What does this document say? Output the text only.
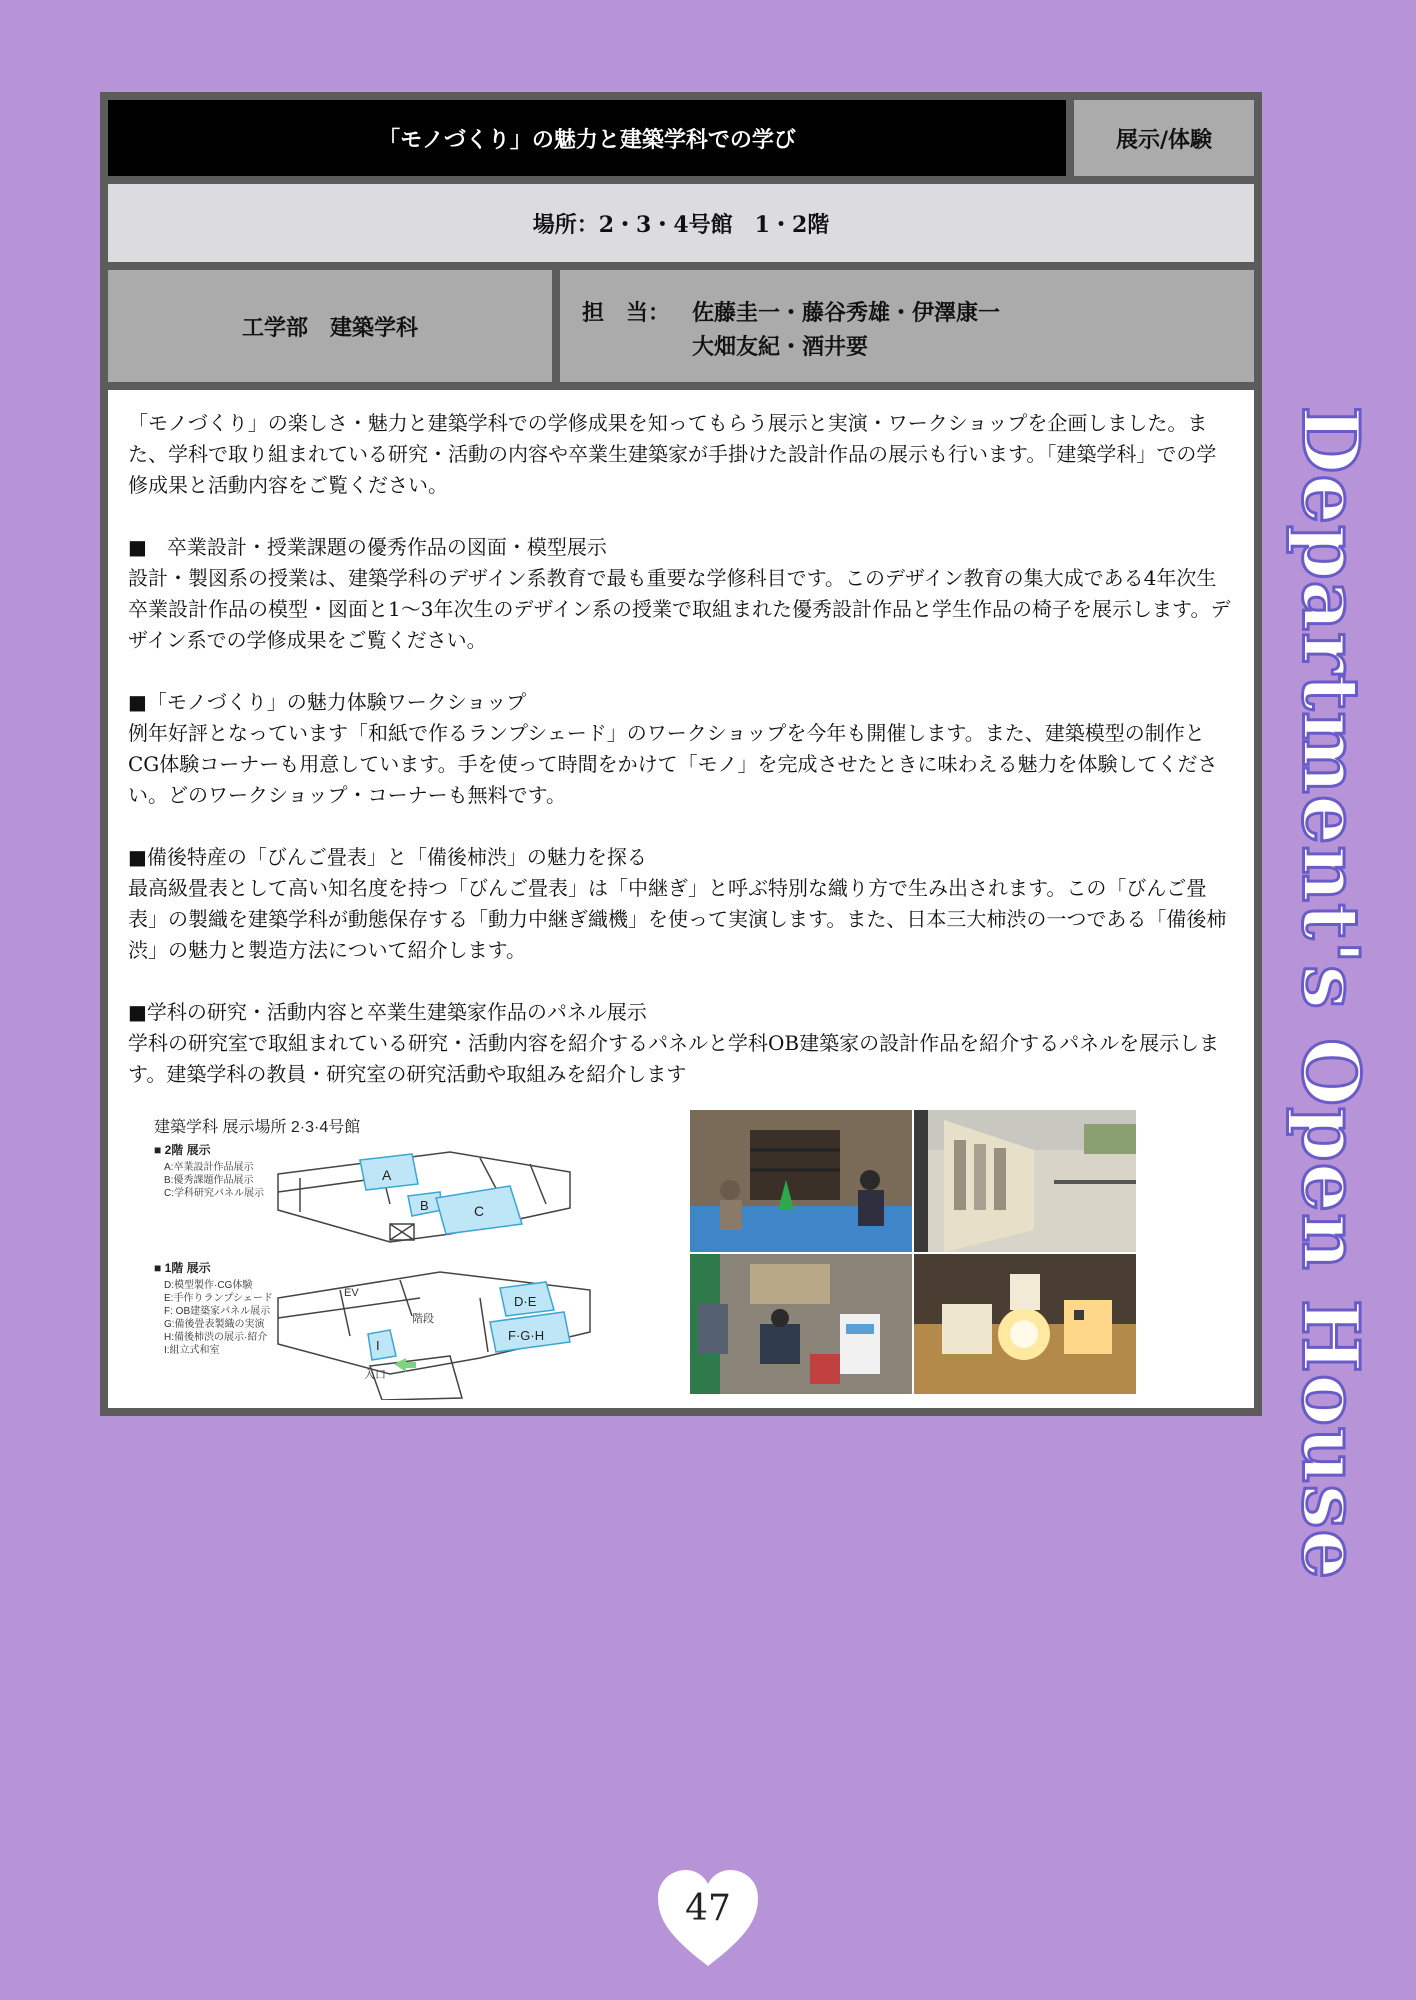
「モノづくり」の魅力と建築学科での学び	展示/体験
場所：2・3・4号館　1・2階
工学部　建築学科
担　当： 佐藤圭一・藤谷秀雄・伊澤康一
大畑友紀・酒井要

「モノづくり」の楽しさ・魅力と建築学科での学修成果を知ってもらう展示と実演・ワークショップを企画しました。また、学科で取り組まれている研究・活動の内容や卒業生建築家が手掛けた設計作品の展示も行います。「建築学科」での学修成果と活動内容をご覧ください。

■　卒業設計・授業課題の優秀作品の図面・模型展示

設計・製図系の授業は、建築学科のデザイン系教育で最も重要な学修科目です。このデザイン教育の集大成である4年次生卒業設計作品の模型・図面と1～3年次生のデザイン系の授業で取組まれた優秀設計作品と学生作品の椅子を展示します。デザイン系での学修成果をご覧ください。

■「モノづくり」の魅力体験ワークショップ

例年好評となっています「和紙で作るランプシェード」のワークショップを今年も開催します。また、建築模型の制作とCG体験コーナーも用意しています。手を使って時間をかけて「モノ」を完成させたときに味わえる魅力を体験してください。どのワークショップ・コーナーも無料です。

■備後特産の「びんご畳表」と「備後柿渋」の魅力を探る

最高級畳表として高い知名度を持つ「びんご畳表」は「中継ぎ」と呼ぶ特別な織り方で生み出されます。この「びんご畳表」の製織を建築学科が動態保存する「動力中継ぎ織機」を使って実演します。また、日本三大柿渋の一つである「備後柿渋」の魅力と製造方法について紹介します。

■学科の研究・活動内容と卒業生建築家作品のパネル展示

学科の研究室で取組まれている研究・活動内容を紹介するパネルと学科OB建築家の設計作品を紹介するパネルを展示します。建築学科の教員・研究室の研究活動や取組みを紹介します

建築学科 展示場所 2·3·4号館
■ 2階 展示
A:卒業設計作品展示
B:優秀課題作品展示
C:学科研究パネル展示
A
B	C
■ 1階 展示
D:模型製作·CG体験
E:手作りランプシェード
F: OB建築家パネル展示
G:備後畳表製織の実演
H:備後柿渋の展示·紹介
I:組立式和室
D·E
F·G·H
I
EV
階段
入口	Department's Open House
47
